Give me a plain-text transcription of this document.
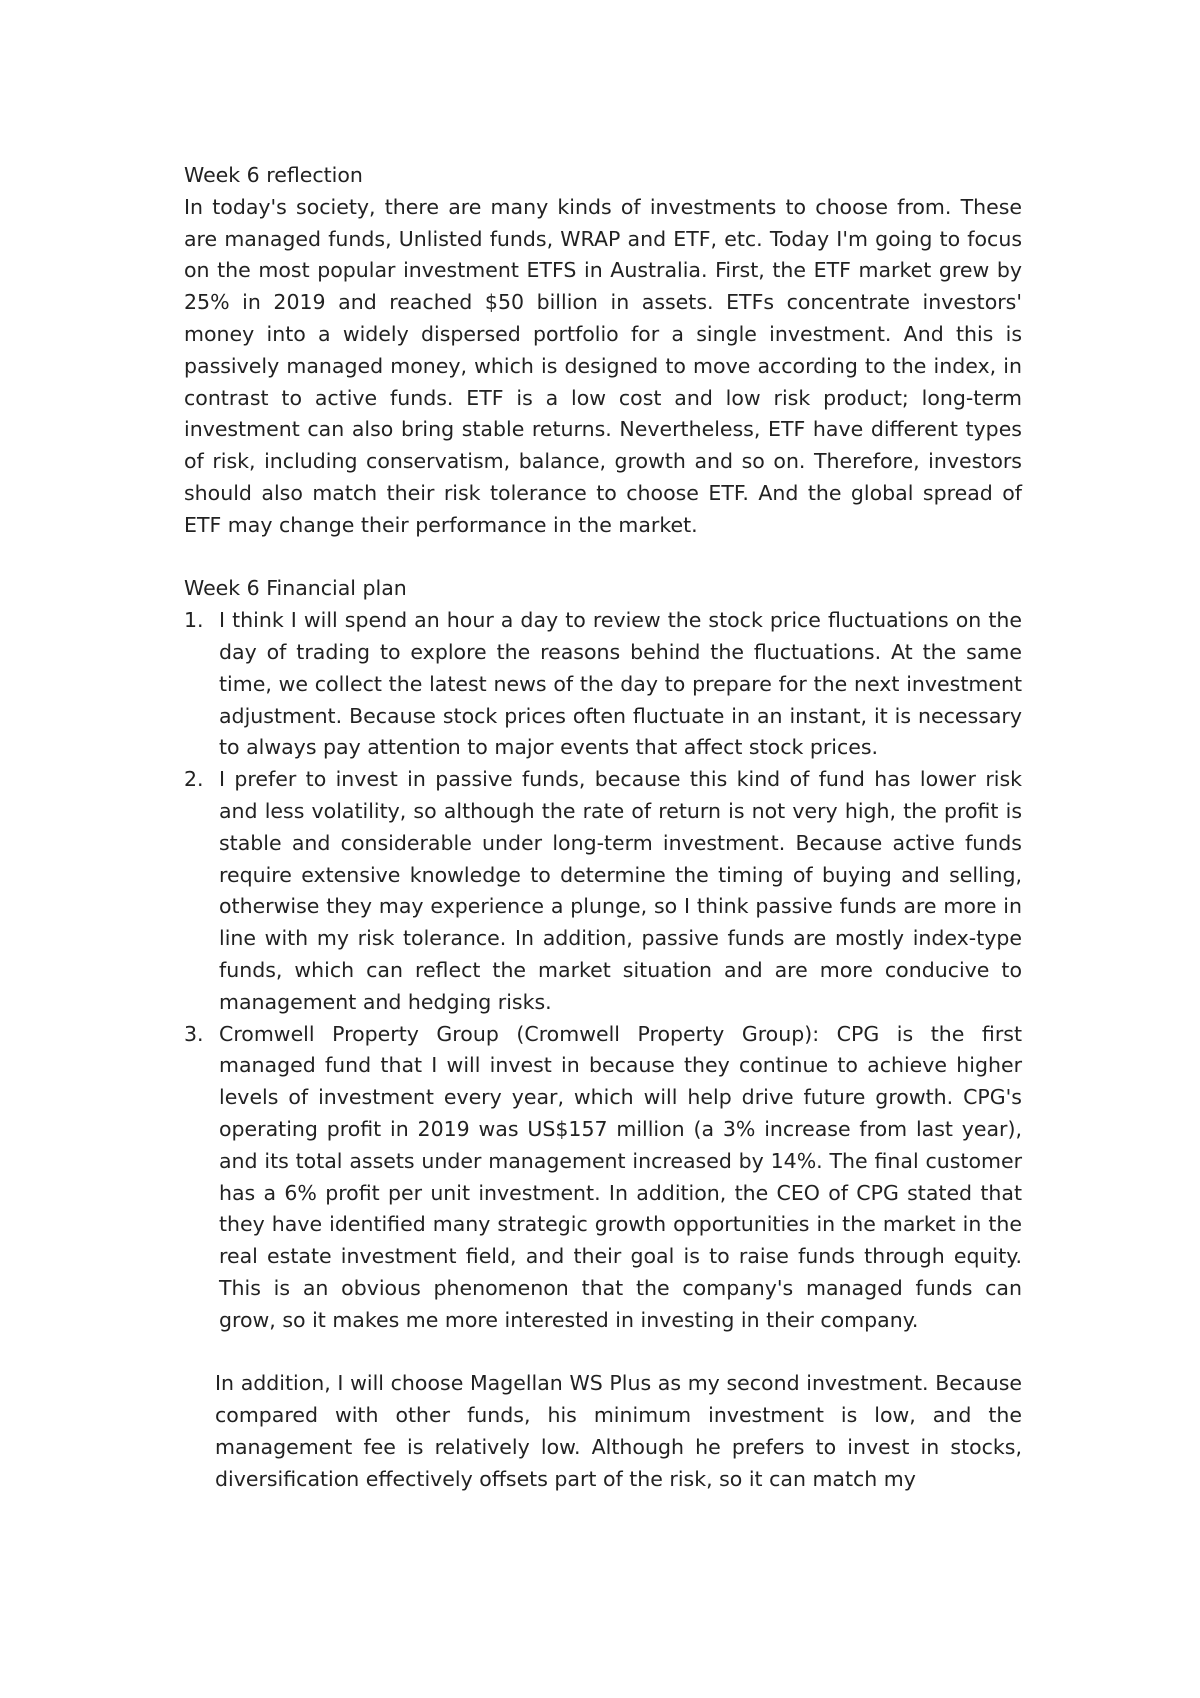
Week 6 reflection

In today's society, there are many kinds of investments to choose from. These are managed funds, Unlisted funds, WRAP and ETF, etc. Today I'm going to focus on the most popular investment ETFS in Australia. First, the ETF market grew by 25% in 2019 and reached $50 billion in assets. ETFs concentrate investors' money into a widely dispersed portfolio for a single investment. And this is passively managed money, which is designed to move according to the index, in contrast to active funds. ETF is a low cost and low risk product; long-term investment can also bring stable returns. Nevertheless, ETF have different types of risk, including conservatism, balance, growth and so on. Therefore, investors should also match their risk tolerance to choose ETF. And the global spread of ETF may change their performance in the market.

Week 6 Financial plan

1. I think I will spend an hour a day to review the stock price fluctuations on the day of trading to explore the reasons behind the fluctuations. At the same time, we collect the latest news of the day to prepare for the next investment adjustment. Because stock prices often fluctuate in an instant, it is necessary to always pay attention to major events that affect stock prices.
2. I prefer to invest in passive funds, because this kind of fund has lower risk and less volatility, so although the rate of return is not very high, the profit is stable and considerable under long-term investment. Because active funds require extensive knowledge to determine the timing of buying and selling, otherwise they may experience a plunge, so I think passive funds are more in line with my risk tolerance. In addition, passive funds are mostly index-type funds, which can reflect the market situation and are more conducive to management and hedging risks.
3. Cromwell Property Group (Cromwell Property Group): CPG is the first managed fund that I will invest in because they continue to achieve higher levels of investment every year, which will help drive future growth. CPG's operating profit in 2019 was US$157 million (a 3% increase from last year), and its total assets under management increased by 14%. The final customer has a 6% profit per unit investment. In addition, the CEO of CPG stated that they have identified many strategic growth opportunities in the market in the real estate investment field, and their goal is to raise funds through equity. This is an obvious phenomenon that the company's managed funds can grow, so it makes me more interested in investing in their company.

In addition, I will choose Magellan WS Plus as my second investment. Because compared with other funds, his minimum investment is low, and the management fee is relatively low. Although he prefers to invest in stocks, diversification effectively offsets part of the risk, so it can match my
